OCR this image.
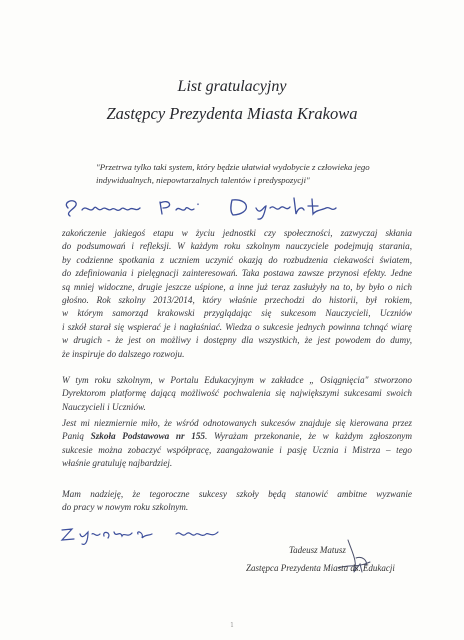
List gratulacyjny
Zastępcy Prezydenta Miasta Krakowa
"Przetrwa tylko taki system, który będzie ułatwiał wydobycie z człowieka jego
indywidualnych, niepowtarzalnych talentów i predyspozycji"
zakończenie jakiegoś etapu w życiu jednostki czy społeczności, zazwyczaj skłania
do podsumowań i refleksji. W każdym roku szkolnym nauczyciele podejmują starania,
by codzienne spotkania z uczniem uczynić okazją do rozbudzenia ciekawości światem,
do zdefiniowania i pielęgnacji zainteresowań. Taka postawa zawsze przynosi efekty. Jedne
są mniej widoczne, drugie jeszcze uśpione, a inne już teraz zasłużyły na to, by było o nich
głośno. Rok szkolny 2013/2014, który właśnie przechodzi do historii, był rokiem,
w którym samorząd krakowski przyglądając się sukcesom Nauczycieli, Uczniów
i szkół starał się wspierać je i nagłaśniać. Wiedza o sukcesie jednych powinna tchnąć wiarę
w drugich - że jest on możliwy i dostępny dla wszystkich, że jest powodem do dumy,
że inspiruje do dalszego rozwoju.
W tym roku szkolnym, w Portalu Edukacyjnym w zakładce „ Osiągnięcia" stworzono
Dyrektorom platformę dającą możliwość pochwalenia się największymi sukcesami swoich
Nauczycieli i Uczniów.
Jest mi niezmiernie miło, że wśród odnotowanych sukcesów znajduje się kierowana przez
Panią Szkoła Podstawowa nr 155. Wyrażam przekonanie, że w każdym zgłoszonym
sukcesie można zobaczyć współpracę, zaangażowanie i pasję Ucznia i Mistrza – tego
właśnie gratuluję najbardziej.
Mam nadzieję, że tegoroczne sukcesy szkoły będą stanowić ambitne wyzwanie
do pracy w nowym roku szkolnym.
Tadeusz Matusz
Zastępca Prezydenta Miasta ds. Edukacji
1
